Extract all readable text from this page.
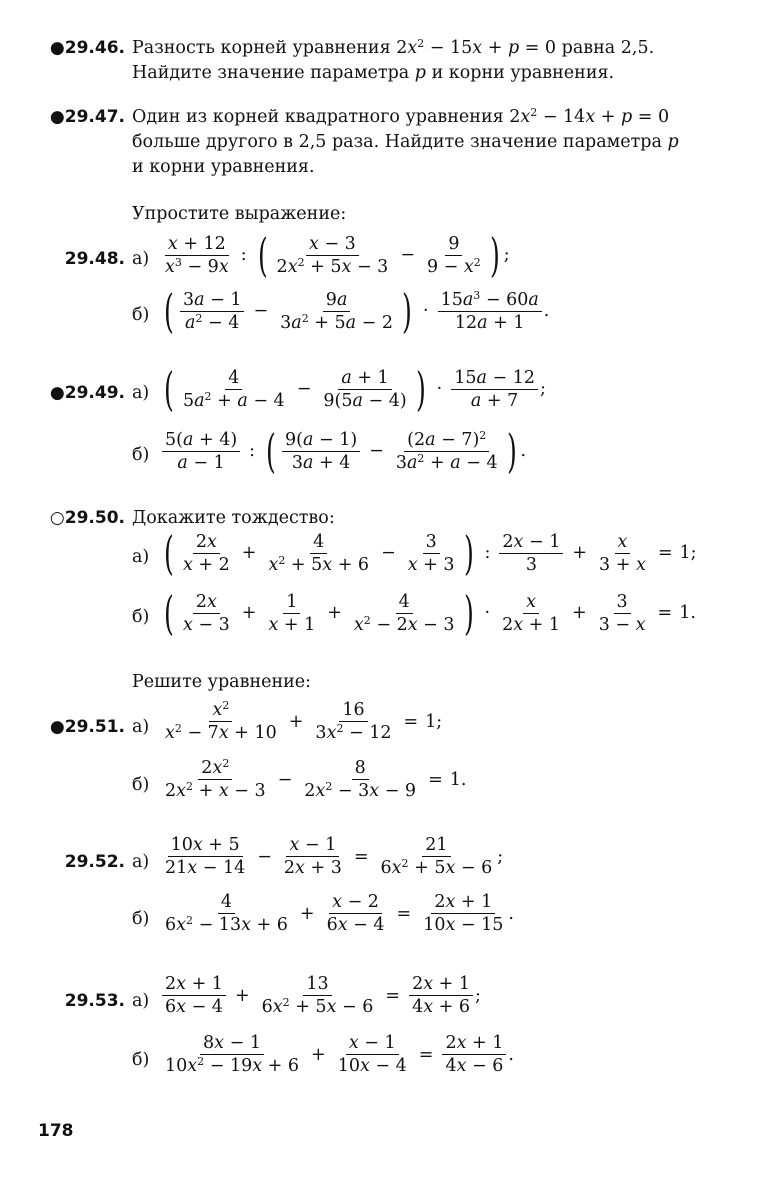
●29.46. Разность корней уравнения $2x^2 - 15x + p = 0$ равна 2,5.
Найдите значение параметра p и корни уравнения.
●29.47. Один из корней квадратного уравнения $2x^2 - 14x + p = 0$
больше другого в 2,5 раза. Найдите значение параметра p
и корни уравнения.
Упростите выражение:
29.48. а)
x + 12
$x^3 - 9x$
: ( x − 3
$2x^2 + 5x - 3$
− $\frac{9}{9 - x^2}$ ) ;
б) ( 3a − 1
$a^2 - 4$
− $\frac{9a}{3a^2 + 5a - 2}$ ) ·
$15a^3 - 60a$
12a + 1
.
●29.49. а) (	4
$5a^2 + a - 4$
− $\frac{a + 1}{9(5a - 4)}$ ) ·
15a − 12
a + 7
;
б)
5(a + 4)
a − 1
: ( 9(a − 1)
3a + 4
− $\frac{(2a - 7)^2}{3a^2 + a - 4}$ ) .
○29.50. Докажите тождество:
а) ( 2x
x + 2
+ $\frac{4}{x^2 + 5x + 6} - \frac{3}{x + 3}$ ) :
2x − 1
3
+ $\frac{x}{3 + x} = 1$;
б) ( 2x
x − 3
+ $\frac{1}{x + 1} + \frac{4}{x^2 - 2x - 3}$ ) ·
x
2x + 1
+ $\frac{3}{3 - x} = 1$.
Решите уравнение:
●29.51. а)
$x^2$
$x^2 - 7x + 10$
+ $\frac{16}{3x^2 - 12} = 1$;
б)
$2x^2$
$2x^2 + x - 3$
− $\frac{8}{2x^2 - 3x - 9} = 1$.
29.52. а)
10x + 5
21x − 14
− $\frac{x - 1}{2x + 3} = \frac{21}{6x^2 + 5x - 6}$ ;
б)
4
$6x^2 - 13x + 6$
+ $\frac{x - 2}{6x - 4} = \frac{2x + 1}{10x - 15}$ .
29.53. а)
2x + 1
6x − 4
+ $\frac{13}{6x^2 + 5x - 6} = \frac{2x + 1}{4x + 6}$ ;
б)
8x − 1
$10x^2 - 19x + 6$
+ $\frac{x - 1}{10x - 4} = \frac{2x + 1}{4x - 6}$ .
178
